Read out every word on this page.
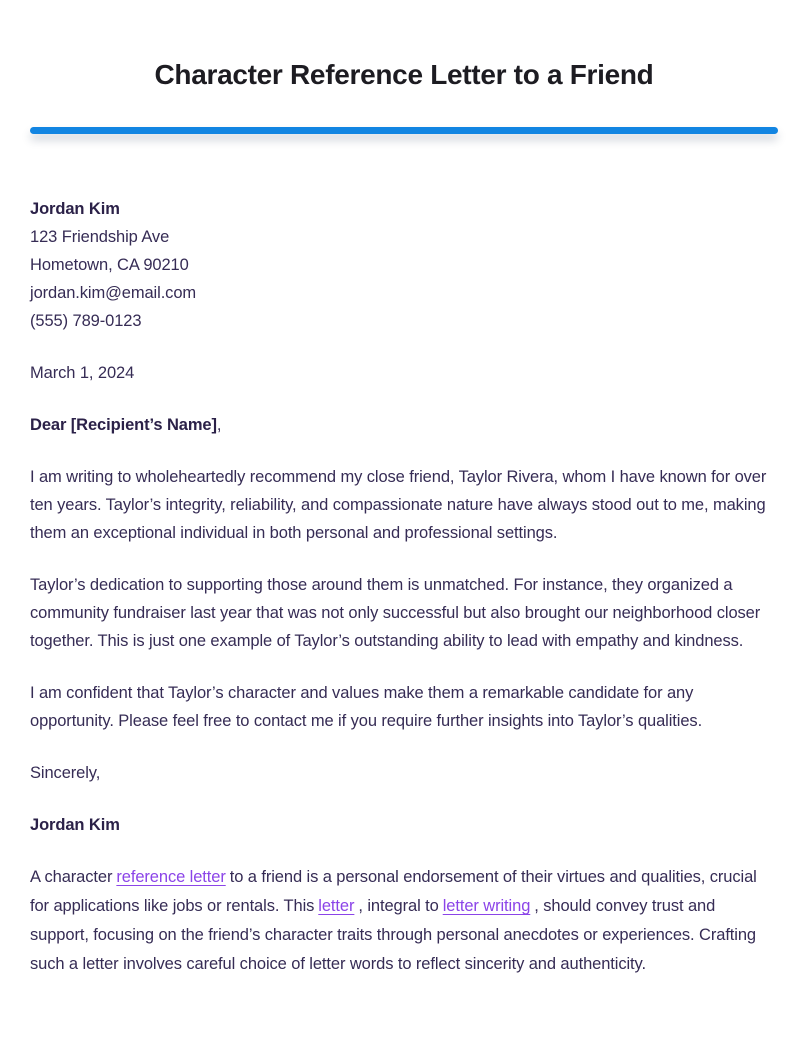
Character Reference Letter to a Friend

Jordan Kim
123 Friendship Ave
Hometown, CA 90210
jordan.kim@email.com
(555) 789-0123

March 1, 2024

Dear [Recipient’s Name],

I am writing to wholeheartedly recommend my close friend, Taylor Rivera, whom I have known for over ten years. Taylor’s integrity, reliability, and compassionate nature have always stood out to me, making them an exceptional individual in both personal and professional settings.

Taylor’s dedication to supporting those around them is unmatched. For instance, they organized a community fundraiser last year that was not only successful but also brought our neighborhood closer together. This is just one example of Taylor’s outstanding ability to lead with empathy and kindness.

I am confident that Taylor’s character and values make them a remarkable candidate for any opportunity. Please feel free to contact me if you require further insights into Taylor’s qualities.

Sincerely,

Jordan Kim

A character reference letter to a friend is a personal endorsement of their virtues and qualities, crucial for applications like jobs or rentals. This letter , integral to letter writing , should convey trust and support, focusing on the friend’s character traits through personal anecdotes or experiences. Crafting such a letter involves careful choice of letter words to reflect sincerity and authenticity.
